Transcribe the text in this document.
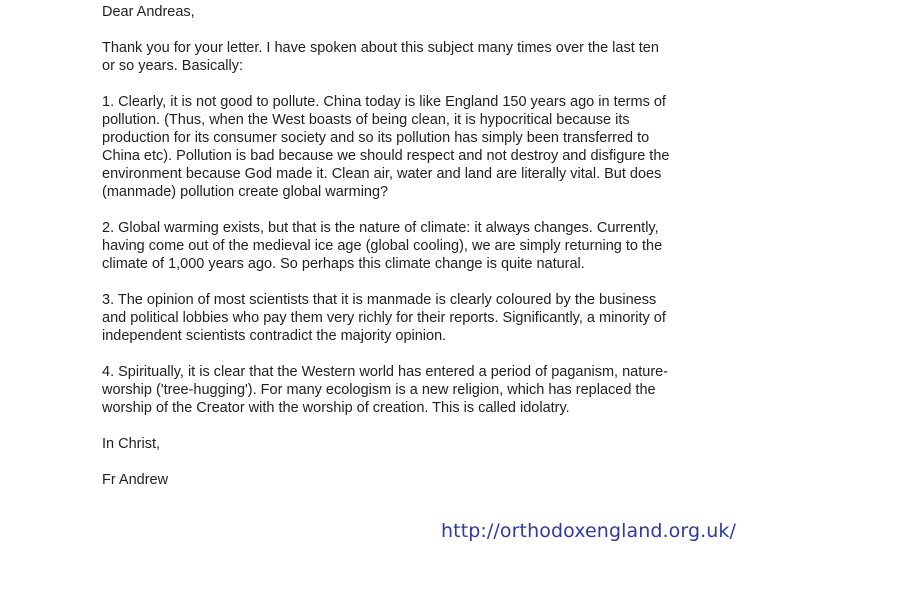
Dear Andreas,

Thank you for your letter. I have spoken about this subject many times over the last ten or so years. Basically:

1. Clearly, it is not good to pollute. China today is like England 150 years ago in terms of pollution. (Thus, when the West boasts of being clean, it is hypocritical because its production for its consumer society and so its pollution has simply been transferred to China etc). Pollution is bad because we should respect and not destroy and disfigure the environment because God made it. Clean air, water and land are literally vital. But does (manmade) pollution create global warming?

2. Global warming exists, but that is the nature of climate: it always changes. Currently, having come out of the medieval ice age (global cooling), we are simply returning to the climate of 1,000 years ago. So perhaps this climate change is quite natural.

3. The opinion of most scientists that it is manmade is clearly coloured by the business and political lobbies who pay them very richly for their reports. Significantly, a minority of independent scientists contradict the majority opinion.

4. Spiritually, it is clear that the Western world has entered a period of paganism, nature-worship ('tree-hugging'). For many ecologism is a new religion, which has replaced the worship of the Creator with the worship of creation. This is called idolatry.

In Christ,

Fr Andrew

http://orthodoxengland.org.uk/
